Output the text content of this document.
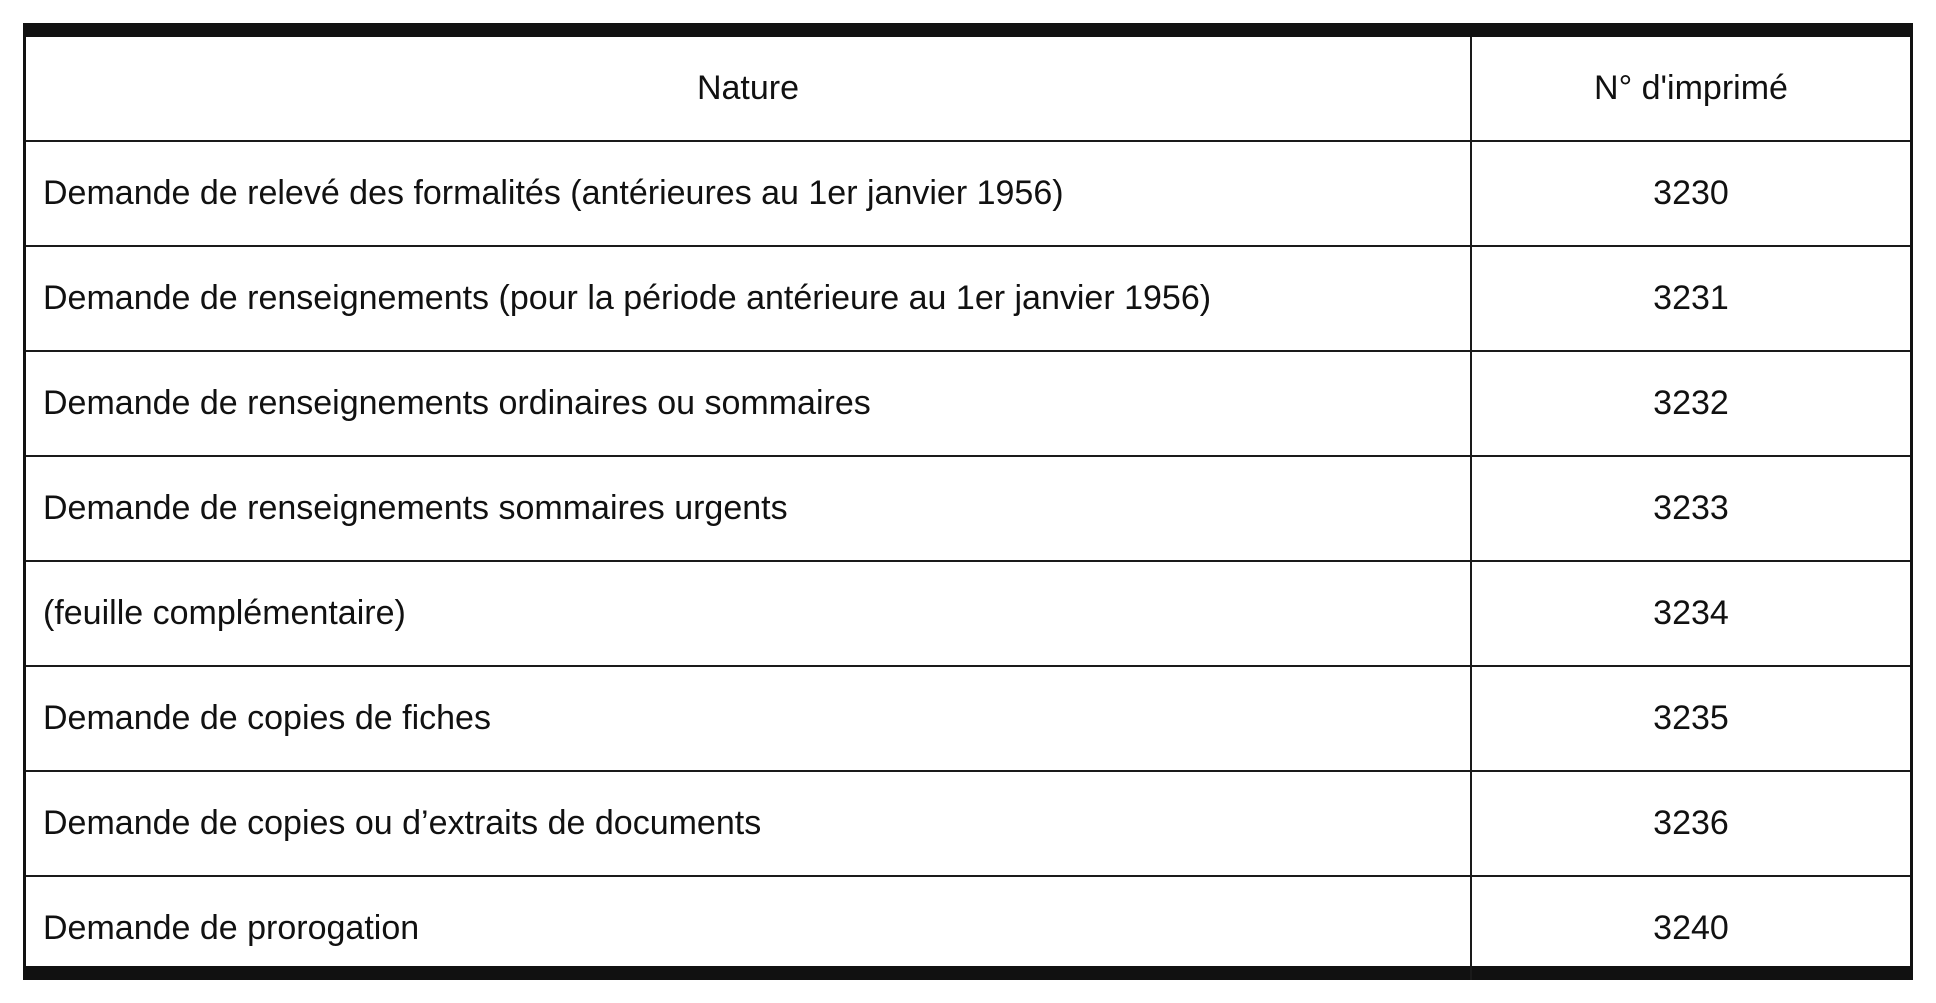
Nature	N° d'imprimé
Demande de relevé des formalités (antérieures au 1er janvier 1956)	3230
Demande de renseignements (pour la période antérieure au 1er janvier 1956)	3231
Demande de renseignements ordinaires ou sommaires	3232
Demande de renseignements sommaires urgents	3233
(feuille complémentaire)	3234
Demande de copies de fiches	3235
Demande de copies ou d’extraits de documents	3236
Demande de prorogation	3240
